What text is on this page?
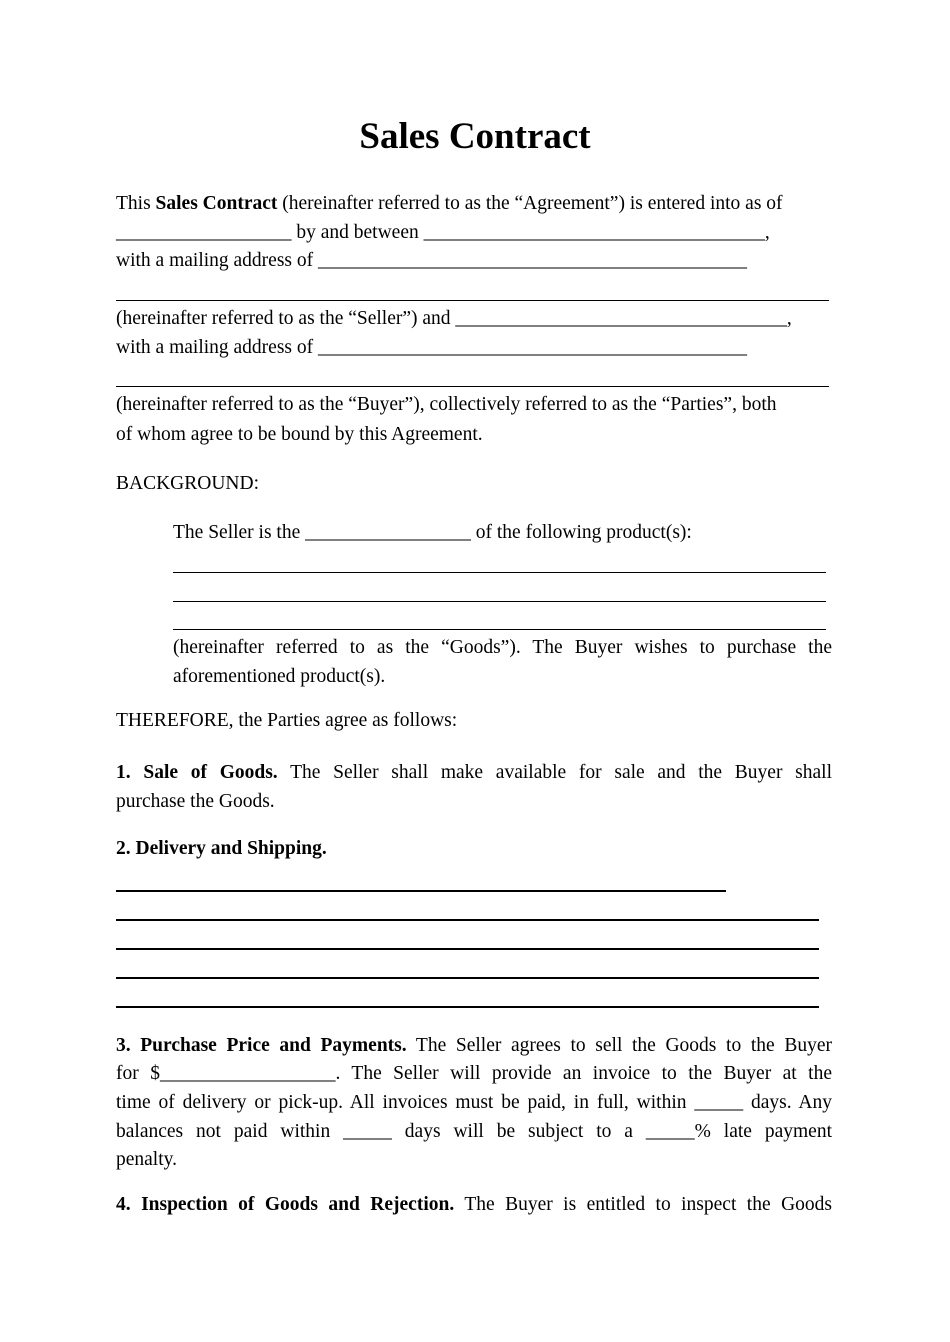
Sales Contract
This Sales Contract (hereinafter referred to as the “Agreement”) is entered into as of
__________________ by and between ___________________________________,
with a mailing address of ____________________________________________
(hereinafter referred to as the “Seller”) and __________________________________,
with a mailing address of ____________________________________________
(hereinafter referred to as the “Buyer”), collectively referred to as the “Parties”, both
of whom agree to be bound by this Agreement.
BACKGROUND:
The Seller is the _________________ of the following product(s):
(hereinafter referred to as the “Goods”). The Buyer wishes to purchase the
aforementioned product(s).
THEREFORE, the Parties agree as follows:
1. Sale of Goods. The Seller shall make available for sale and the Buyer shall
purchase the Goods.
2. Delivery and Shipping.
3. Purchase Price and Payments. The Seller agrees to sell the Goods to the Buyer
for $__________________. The Seller will provide an invoice to the Buyer at the
time of delivery or pick-up. All invoices must be paid, in full, within _____ days. Any
balances not paid within _____ days will be subject to a _____% late payment
penalty.
4. Inspection of Goods and Rejection. The Buyer is entitled to inspect the Goods
